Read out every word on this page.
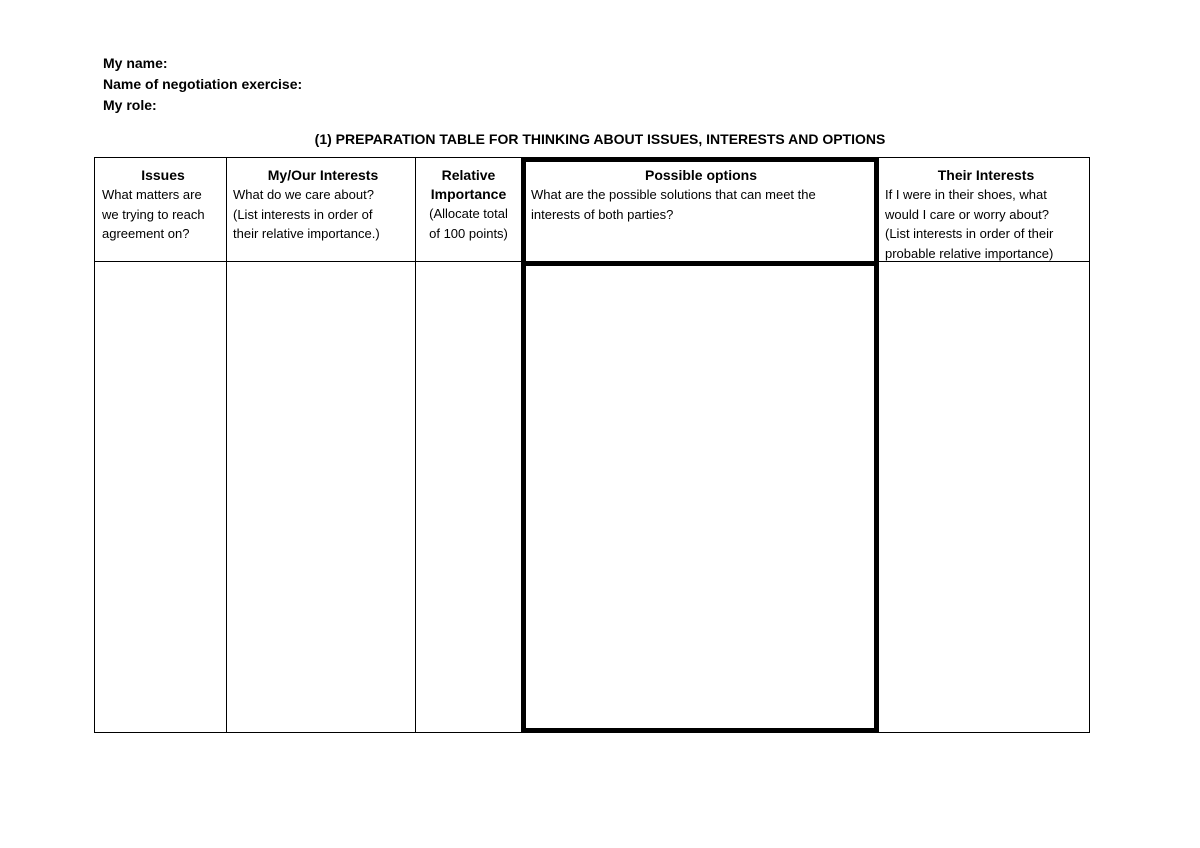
My name:
Name of negotiation exercise:
My role:
(1) PREPARATION TABLE FOR THINKING ABOUT ISSUES, INTERESTS AND OPTIONS
Issues
What matters are
we trying to reach
agreement on?
My/Our Interests
What do we care about?
(List interests in order of
their relative importance.)
Relative
Importance
(Allocate total
of 100 points)
Possible options
What are the possible solutions that can meet the
interests of both parties?
Their Interests
If I were in their shoes, what
would I care or worry about?
(List interests in order of their
probable relative importance)
